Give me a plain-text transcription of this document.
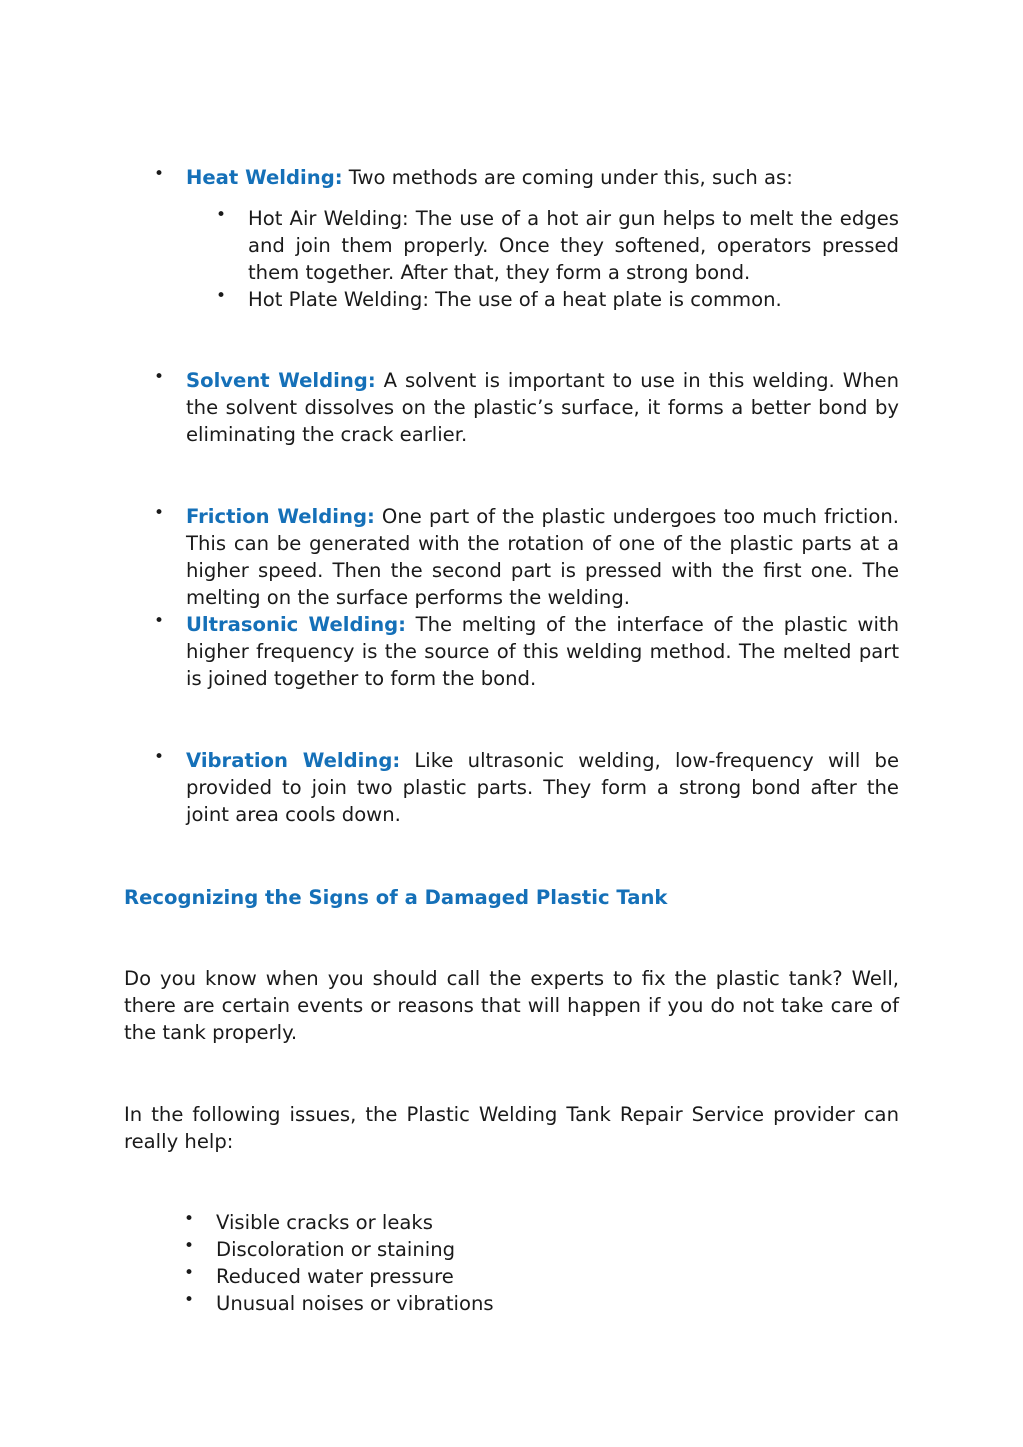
• Heat Welding: Two methods are coming under this, such as:
• Hot Air Welding: The use of a hot air gun helps to melt the edges and join them properly. Once they softened, operators pressed them together. After that, they form a strong bond.
• Hot Plate Welding: The use of a heat plate is common.
• Solvent Welding: A solvent is important to use in this welding. When the solvent dissolves on the plastic’s surface, it forms a better bond by eliminating the crack earlier.
• Friction Welding: One part of the plastic undergoes too much friction. This can be generated with the rotation of one of the plastic parts at a higher speed. Then the second part is pressed with the first one. The melting on the surface performs the welding.
• Ultrasonic Welding: The melting of the interface of the plastic with higher frequency is the source of this welding method. The melted part is joined together to form the bond.
• Vibration Welding: Like ultrasonic welding, low-frequency will be provided to join two plastic parts. They form a strong bond after the joint area cools down.
Recognizing the Signs of a Damaged Plastic Tank
Do you know when you should call the experts to fix the plastic tank? Well, there are certain events or reasons that will happen if you do not take care of the tank properly.
In the following issues, the Plastic Welding Tank Repair Service provider can really help:
• Visible cracks or leaks
• Discoloration or staining
• Reduced water pressure
• Unusual noises or vibrations
